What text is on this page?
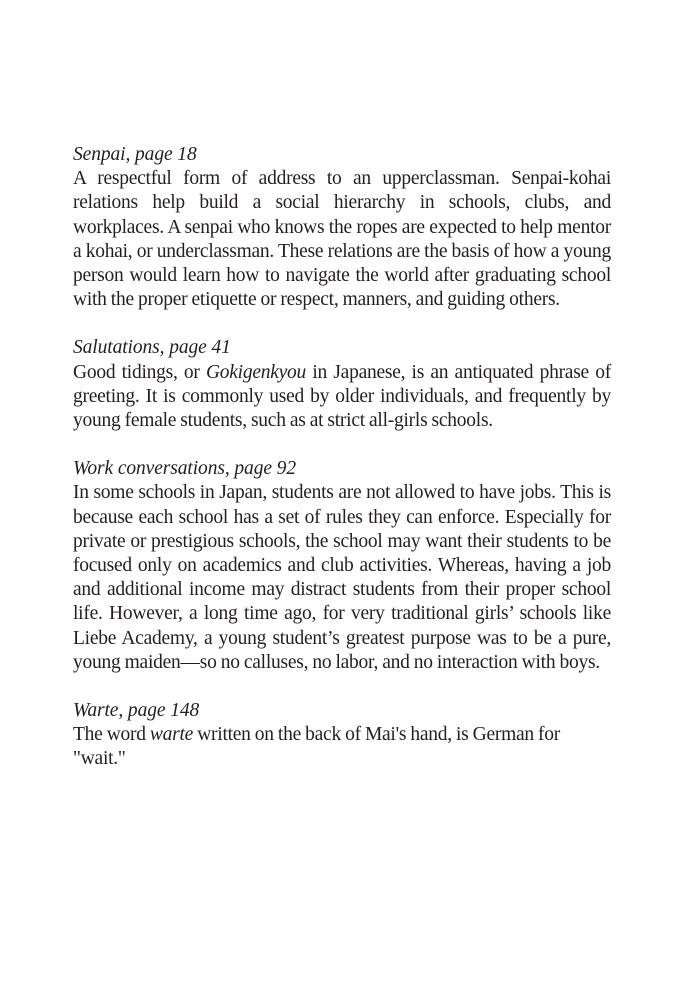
Senpai, page 18

A respectful form of address to an upperclassman. Senpai-kohai relations help build a social hierarchy in schools, clubs, and workplaces. A senpai who knows the ropes are expected to help mentor a kohai, or underclassman. These relations are the basis of how a young person would learn how to navigate the world after graduating school with the proper etiquette or respect, manners, and guiding others.

Salutations, page 41

Good tidings, or Gokigenkyou in Japanese, is an antiquated phrase of greeting. It is commonly used by older individuals, and frequently by young female students, such as at strict all-girls schools.

Work conversations, page 92

In some schools in Japan, students are not allowed to have jobs. This is because each school has a set of rules they can enforce. Especially for private or prestigious schools, the school may want their students to be focused only on academics and club activities. Whereas, having a job and additional income may distract students from their proper school life. However, a long time ago, for very traditional girls’ schools like Liebe Academy, a young student’s greatest purpose was to be a pure, young maiden—so no calluses, no labor, and no interaction with boys.

Warte, page 148

The word warte written on the back of Mai's hand, is German for "wait."
